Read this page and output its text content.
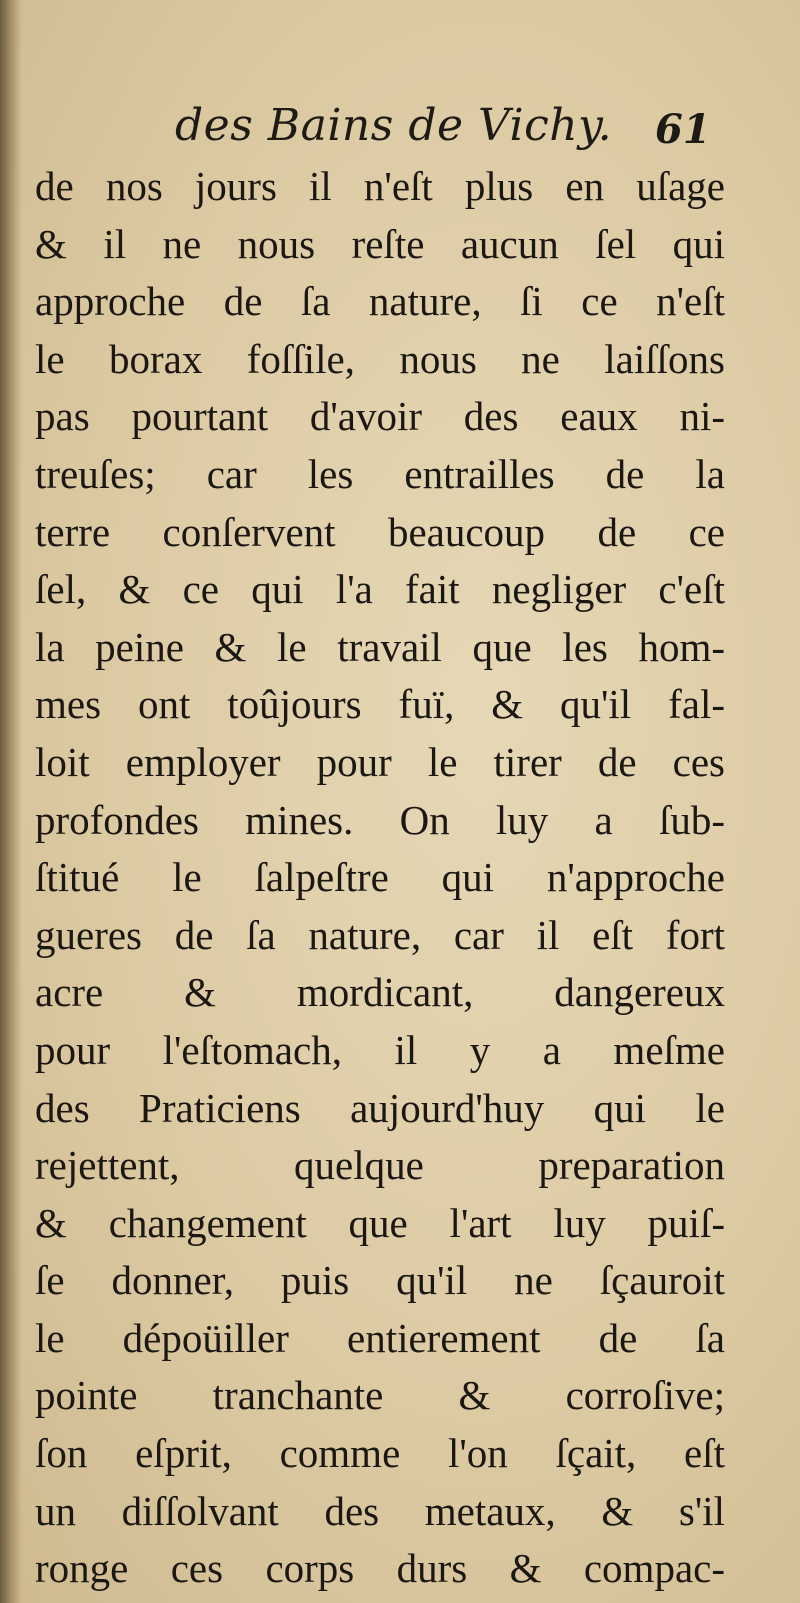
des Bains de Vichy. 61
de nos jours il n'eſt plus en uſage
& il ne nous reſte aucun ſel qui
approche de ſa nature, ſi ce n'eſt
le borax foſſile, nous ne laiſſons
pas pourtant d'avoir des eaux ni-
treuſes; car les entrailles de la
terre conſervent beaucoup de ce
ſel, & ce qui l'a fait negliger c'eſt
la peine & le travail que les hom-
mes ont toûjours fuï, & qu'il fal-
loit employer pour le tirer de ces
profondes mines. On luy a ſub-
ſtitué le ſalpeſtre qui n'approche
gueres de ſa nature, car il eſt fort
acre & mordicant, dangereux
pour l'eſtomach, il y a meſme
des Praticiens aujourd'huy qui le
rejettent, quelque preparation
& changement que l'art luy puiſ-
ſe donner, puis qu'il ne ſçauroit
le dépoüiller entierement de ſa
pointe tranchante & corroſive;
ſon eſprit, comme l'on ſçait, eſt
un diſſolvant des metaux, & s'il
ronge ces corps durs & compac-
